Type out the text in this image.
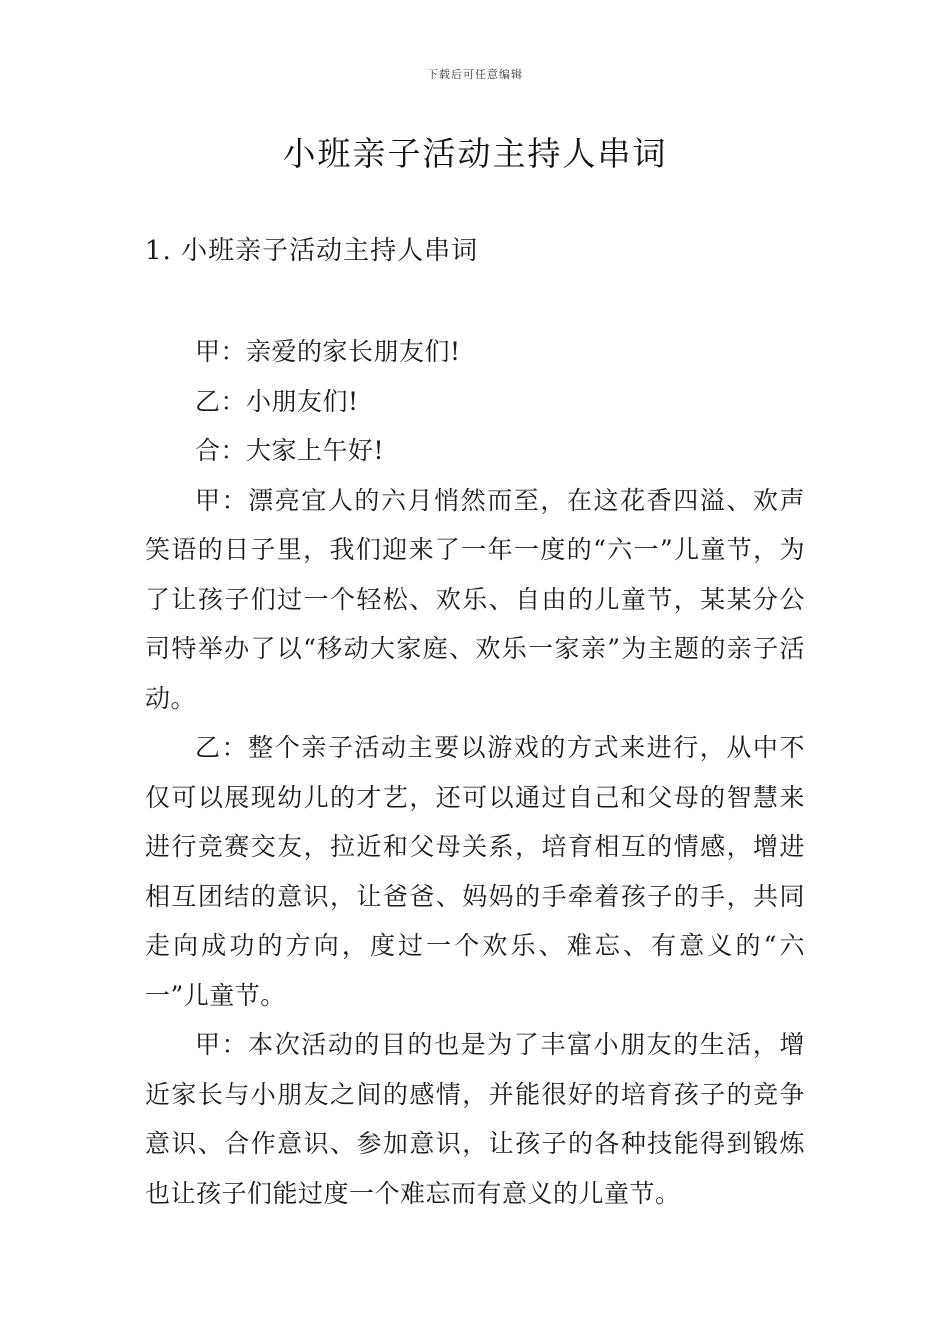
下载后可任意编辑
小班亲子活动主持人串词
1. 小班亲子活动主持人串词

甲：亲爱的家长朋友们!

乙：小朋友们!

合：大家上午好!

甲：漂亮宜人的六月悄然而至，在这花香四溢、欢声笑语的日子里，我们迎来了一年一度的“六一”儿童节，为了让孩子们过一个轻松、欢乐、自由的儿童节，某某分公司特举办了以“移动大家庭、欢乐一家亲”为主题的亲子活动。

乙：整个亲子活动主要以游戏的方式来进行，从中不仅可以展现幼儿的才艺，还可以通过自己和父母的智慧来进行竞赛交友，拉近和父母关系，培育相互的情感，增进相互团结的意识，让爸爸、妈妈的手牵着孩子的手，共同走向成功的方向，度过一个欢乐、难忘、有意义的“六一”儿童节。

甲：本次活动的目的也是为了丰富小朋友的生活，增近家长与小朋友之间的感情，并能很好的培育孩子的竞争意识、合作意识、参加意识，让孩子的各种技能得到锻炼也让孩子们能过度一个难忘而有意义的儿童节。
